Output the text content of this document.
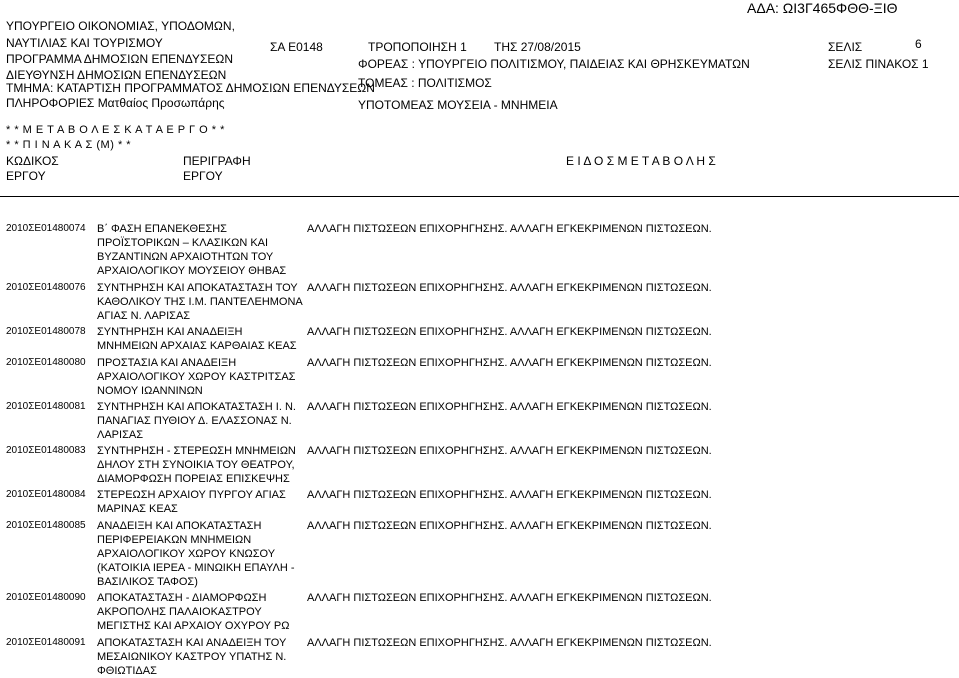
ΥΠΟΥΡΓΕΙΟ ΟΙΚΟΝΟΜΙΑΣ, ΥΠΟΔΟΜΩΝ,
ΝΑΥΤΙΛΙΑΣ ΚΑΙ ΤΟΥΡΙΣΜΟΥ
ΠΡΟΓΡΑΜΜΑ ΔΗΜΟΣΙΩΝ ΕΠΕΝΔΥΣΕΩΝ
ΔΙΕΥΘΥΝΣΗ ΔΗΜΟΣΙΩΝ ΕΠΕΝΔΥΣΕΩΝ
ΤΜΗΜΑ: ΚΑΤΑΡΤΙΣΗ ΠΡΟΓΡΑΜΜΑΤΟΣ ΔΗΜΟΣΙΩΝ ΕΠΕΝΔΥΣΕΩΝ
ΠΛΗΡΟΦΟΡΙΕΣ Ματθαίος Προσωπάρης
ΣΑ Ε0148	ΤΡΟΠΟΠΟΙΗΣΗ 1 ΤΗΣ 27/08/2015
ΦΟΡΕΑΣ : ΥΠΟΥΡΓΕΙΟ ΠΟΛΙΤΙΣΜΟΥ, ΠΑΙΔΕΙΑΣ ΚΑΙ ΘΡΗΣΚΕΥΜΑΤΩΝ
ΤΟΜΕΑΣ : ΠΟΛΙΤΙΣΜΟΣ
ΥΠΟΤΟΜΕΑΣ ΜΟΥΣΕΙΑ - ΜΝΗΜΕΙΑ
ΑΔΑ: ΩΙ3Γ465ΦΘΘ-ΞΙΘ
ΣΕΛΙΣ	6
ΣΕΛΙΣ ΠΙΝΑΚΟΣ 1
* * Μ Ε Τ Α Β Ο Λ Ε Σ Κ Α Τ Α Ε Ρ Γ Ο * *
* * Π Ι Ν Α Κ Α Σ (Μ) * *
ΚΩΔΙΚΟΣ
ΕΡΓΟΥ
ΠΕΡΙΓΡΑΦΗ
ΕΡΓΟΥ
Ε Ι Δ Ο Σ Μ Ε Τ Α Β Ο Λ Η Σ
2010ΣΕ01480074 Β΄ ΦΑΣΗ ΕΠΑΝΕΚΘΕΣΗΣ
ΠΡΟΪΣΤΟΡΙΚΩΝ – ΚΛΑΣΙΚΩΝ ΚΑΙ
ΒΥΖΑΝΤΙΝΩΝ ΑΡΧΑΙΟΤΗΤΩΝ ΤΟΥ
ΑΡΧΑΙΟΛΟΓΙΚΟΥ ΜΟΥΣΕΙΟΥ ΘΗΒΑΣ
ΑΛΛΑΓΗ ΠΙΣΤΩΣΕΩΝ ΕΠΙΧΟΡΗΓΗΣΗΣ. ΑΛΛΑΓΗ ΕΓΚΕΚΡΙΜΕΝΩΝ ΠΙΣΤΩΣΕΩΝ.
2010ΣΕ01480076 ΣΥΝΤΗΡΗΣΗ ΚΑΙ ΑΠΟΚΑΤΑΣΤΑΣΗ ΤΟΥ
ΚΑΘΟΛΙΚΟΥ ΤΗΣ Ι.Μ. ΠΑΝΤΕΛΕΗΜΟΝΑ
ΑΓΙΑΣ Ν. ΛΑΡΙΣΑΣ
ΑΛΛΑΓΗ ΠΙΣΤΩΣΕΩΝ ΕΠΙΧΟΡΗΓΗΣΗΣ. ΑΛΛΑΓΗ ΕΓΚΕΚΡΙΜΕΝΩΝ ΠΙΣΤΩΣΕΩΝ.
2010ΣΕ01480078 ΣΥΝΤΗΡΗΣΗ ΚΑΙ ΑΝΑΔΕΙΞΗ
ΜΝΗΜΕΙΩΝ ΑΡΧΑΙΑΣ ΚΑΡΘΑΙΑΣ ΚΕΑΣ
ΑΛΛΑΓΗ ΠΙΣΤΩΣΕΩΝ ΕΠΙΧΟΡΗΓΗΣΗΣ. ΑΛΛΑΓΗ ΕΓΚΕΚΡΙΜΕΝΩΝ ΠΙΣΤΩΣΕΩΝ.
2010ΣΕ01480080 ΠΡΟΣΤΑΣΙΑ ΚΑΙ ΑΝΑΔΕΙΞΗ
ΑΡΧΑΙΟΛΟΓΙΚΟΥ ΧΩΡΟΥ ΚΑΣΤΡΙΤΣΑΣ
ΝΟΜΟΥ ΙΩΑΝΝΙΝΩΝ
ΑΛΛΑΓΗ ΠΙΣΤΩΣΕΩΝ ΕΠΙΧΟΡΗΓΗΣΗΣ. ΑΛΛΑΓΗ ΕΓΚΕΚΡΙΜΕΝΩΝ ΠΙΣΤΩΣΕΩΝ.
2010ΣΕ01480081 ΣΥΝΤΗΡΗΣΗ ΚΑΙ ΑΠΟΚΑΤΑΣΤΑΣΗ Ι. Ν.
ΠΑΝΑΓΙΑΣ ΠΥΘΙΟΥ Δ. ΕΛΑΣΣΟΝΑΣ Ν.
ΛΑΡΙΣΑΣ
ΑΛΛΑΓΗ ΠΙΣΤΩΣΕΩΝ ΕΠΙΧΟΡΗΓΗΣΗΣ. ΑΛΛΑΓΗ ΕΓΚΕΚΡΙΜΕΝΩΝ ΠΙΣΤΩΣΕΩΝ.
2010ΣΕ01480083 ΣΥΝΤΗΡΗΣΗ - ΣΤΕΡΕΩΣΗ ΜΝΗΜΕΙΩΝ
ΔΗΛΟΥ ΣΤΗ ΣΥΝΟΙΚΙΑ ΤΟΥ ΘΕΑΤΡΟΥ,
ΔΙΑΜΟΡΦΩΣΗ ΠΟΡΕΙΑΣ ΕΠΙΣΚΕΨΗΣ
ΑΛΛΑΓΗ ΠΙΣΤΩΣΕΩΝ ΕΠΙΧΟΡΗΓΗΣΗΣ. ΑΛΛΑΓΗ ΕΓΚΕΚΡΙΜΕΝΩΝ ΠΙΣΤΩΣΕΩΝ.
2010ΣΕ01480084 ΣΤΕΡΕΩΣΗ ΑΡΧΑΙΟΥ ΠΥΡΓΟΥ ΑΓΙΑΣ
ΜΑΡΙΝΑΣ ΚΕΑΣ
ΑΛΛΑΓΗ ΠΙΣΤΩΣΕΩΝ ΕΠΙΧΟΡΗΓΗΣΗΣ. ΑΛΛΑΓΗ ΕΓΚΕΚΡΙΜΕΝΩΝ ΠΙΣΤΩΣΕΩΝ.
2010ΣΕ01480085 ΑΝΑΔΕΙΞΗ ΚΑΙ ΑΠΟΚΑΤΑΣΤΑΣΗ
ΠΕΡΙΦΕΡΕΙΑΚΩΝ ΜΝΗΜΕΙΩΝ
ΑΡΧΑΙΟΛΟΓΙΚΟΥ ΧΩΡΟΥ ΚΝΩΣΟΥ
(ΚΑΤΟΙΚΙΑ ΙΕΡΕΑ - ΜΙΝΩΙΚΗ ΕΠΑΥΛΗ -
ΒΑΣΙΛΙΚΟΣ ΤΑΦΟΣ)
ΑΛΛΑΓΗ ΠΙΣΤΩΣΕΩΝ ΕΠΙΧΟΡΗΓΗΣΗΣ. ΑΛΛΑΓΗ ΕΓΚΕΚΡΙΜΕΝΩΝ ΠΙΣΤΩΣΕΩΝ.
2010ΣΕ01480090 ΑΠΟΚΑΤΑΣΤΑΣΗ - ΔΙΑΜΟΡΦΩΣΗ
ΑΚΡΟΠΟΛΗΣ ΠΑΛΑΙΟΚΑΣΤΡΟΥ
ΜΕΓΙΣΤΗΣ ΚΑΙ ΑΡΧΑΙΟΥ ΟΧΥΡΟΥ ΡΩ
ΑΛΛΑΓΗ ΠΙΣΤΩΣΕΩΝ ΕΠΙΧΟΡΗΓΗΣΗΣ. ΑΛΛΑΓΗ ΕΓΚΕΚΡΙΜΕΝΩΝ ΠΙΣΤΩΣΕΩΝ.
2010ΣΕ01480091 ΑΠΟΚΑΤΑΣΤΑΣΗ ΚΑΙ ΑΝΑΔΕΙΞΗ ΤΟΥ
ΜΕΣΑΙΩΝΙΚΟΥ ΚΑΣΤΡΟΥ ΥΠΑΤΗΣ Ν.
ΦΘΙΩΤΙΔΑΣ
ΑΛΛΑΓΗ ΠΙΣΤΩΣΕΩΝ ΕΠΙΧΟΡΗΓΗΣΗΣ. ΑΛΛΑΓΗ ΕΓΚΕΚΡΙΜΕΝΩΝ ΠΙΣΤΩΣΕΩΝ.
